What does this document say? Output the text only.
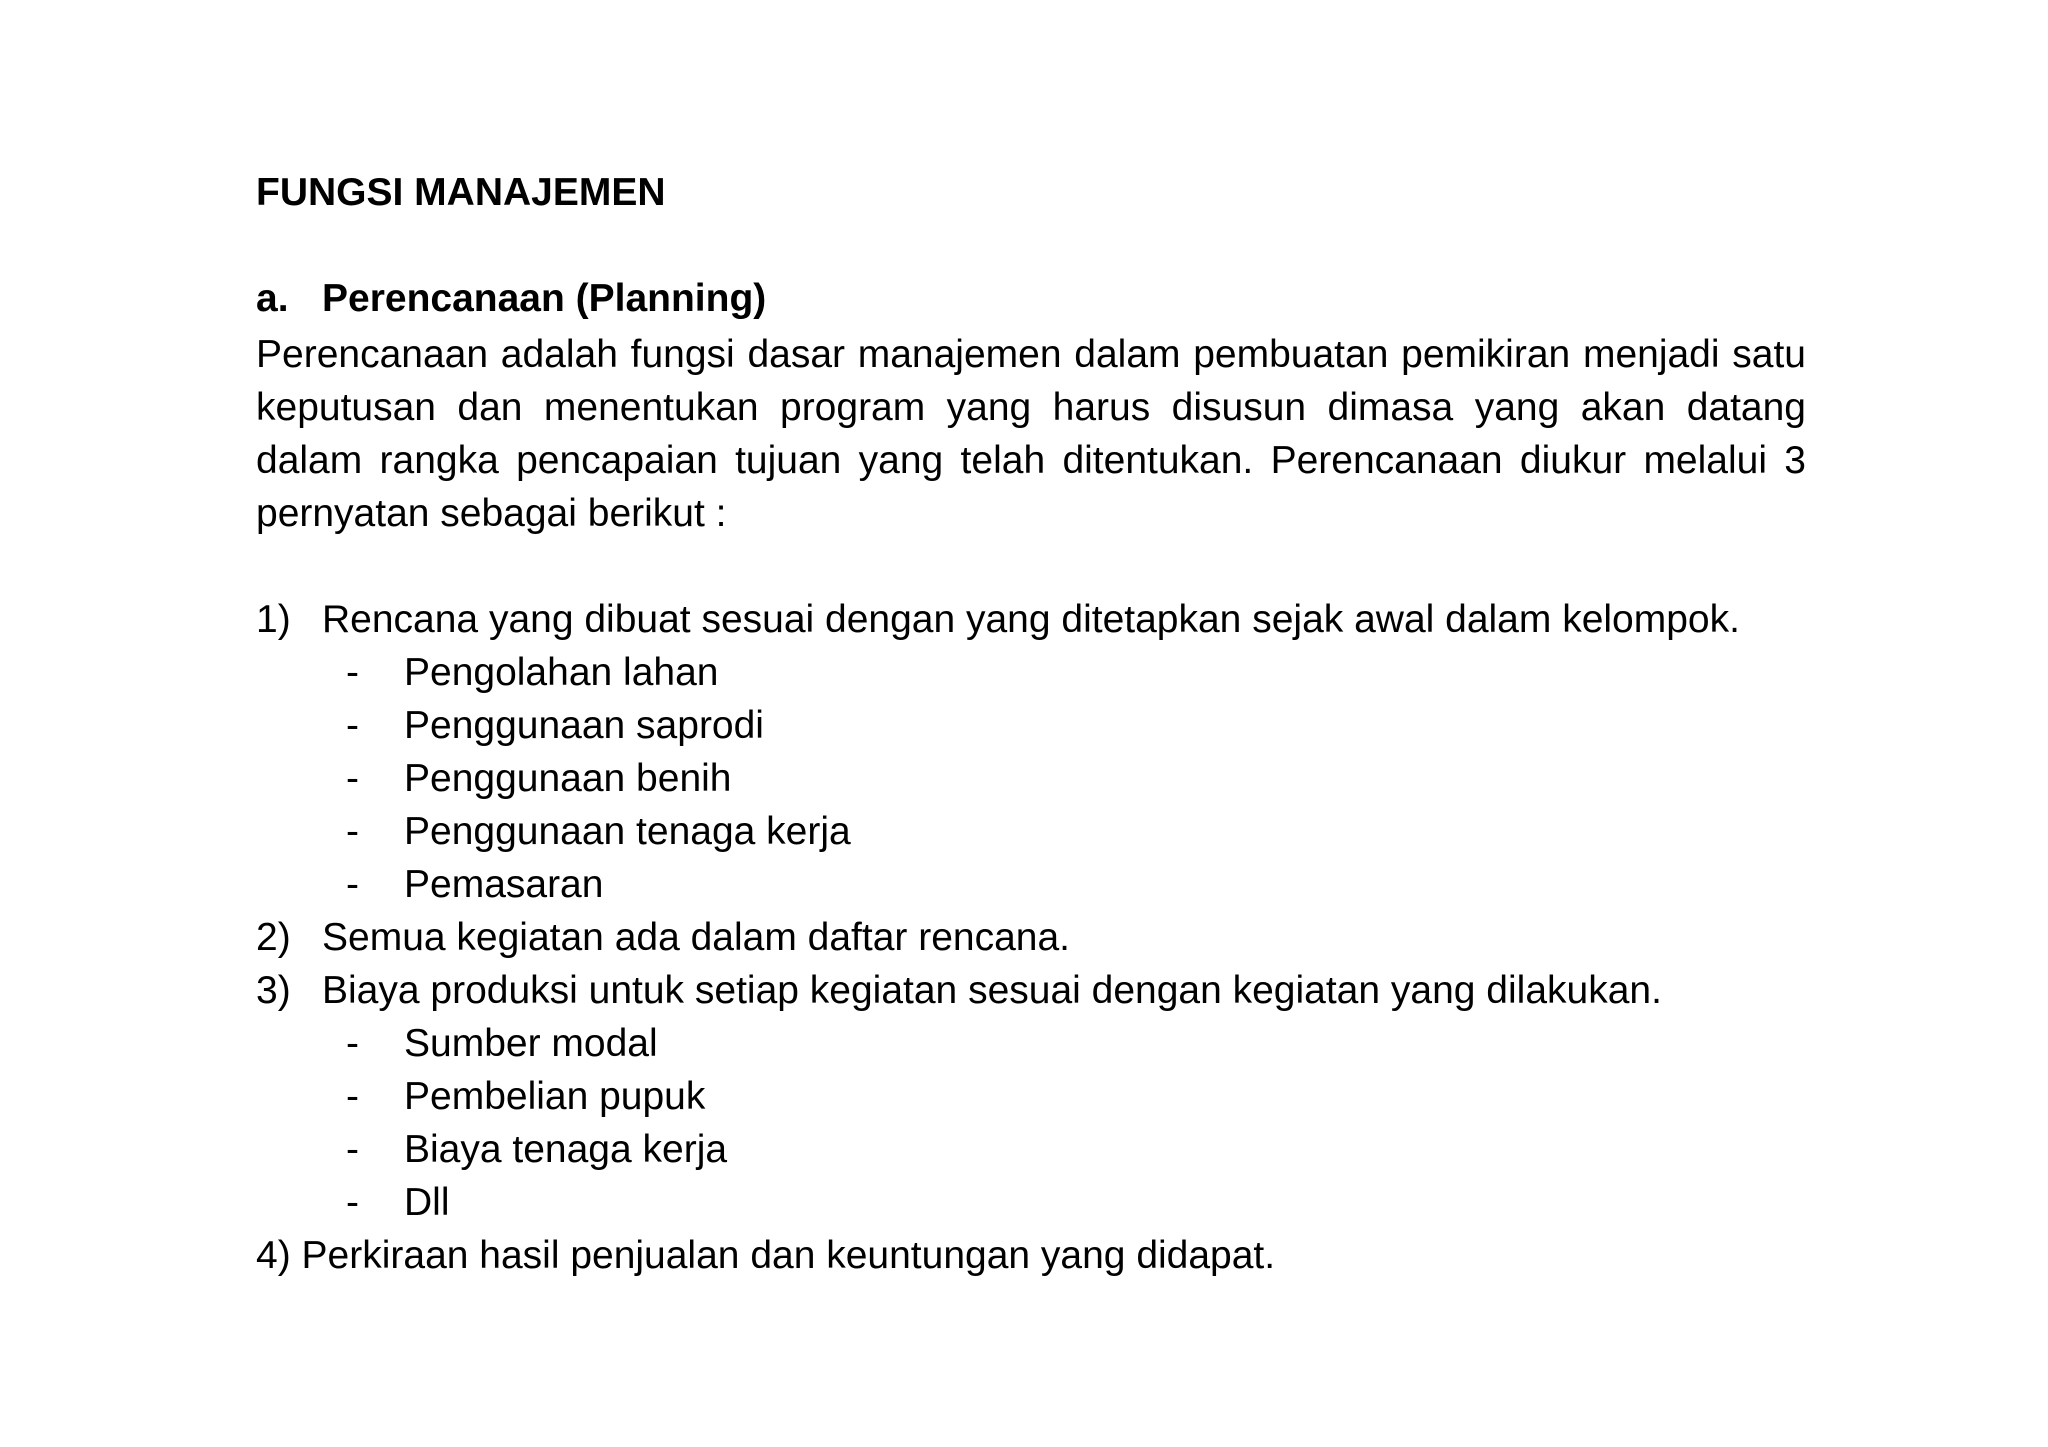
FUNGSI MANAJEMEN
a. Perencanaan (Planning)
Perencanaan adalah fungsi dasar manajemen dalam pembuatan pemikiran menjadi satu keputusan dan menentukan program yang harus disusun dimasa yang akan datang dalam rangka pencapaian tujuan yang telah ditentukan. Perencanaan diukur melalui 3 pernyatan sebagai berikut :
1) Rencana yang dibuat sesuai dengan yang ditetapkan sejak awal dalam kelompok.
- Pengolahan lahan
- Penggunaan saprodi
- Penggunaan benih
- Penggunaan tenaga kerja
- Pemasaran
2) Semua kegiatan ada dalam daftar rencana.
3) Biaya produksi untuk setiap kegiatan sesuai dengan kegiatan yang dilakukan.
- Sumber modal
- Pembelian pupuk
- Biaya tenaga kerja
- Dll
4) Perkiraan hasil penjualan dan keuntungan yang didapat.
